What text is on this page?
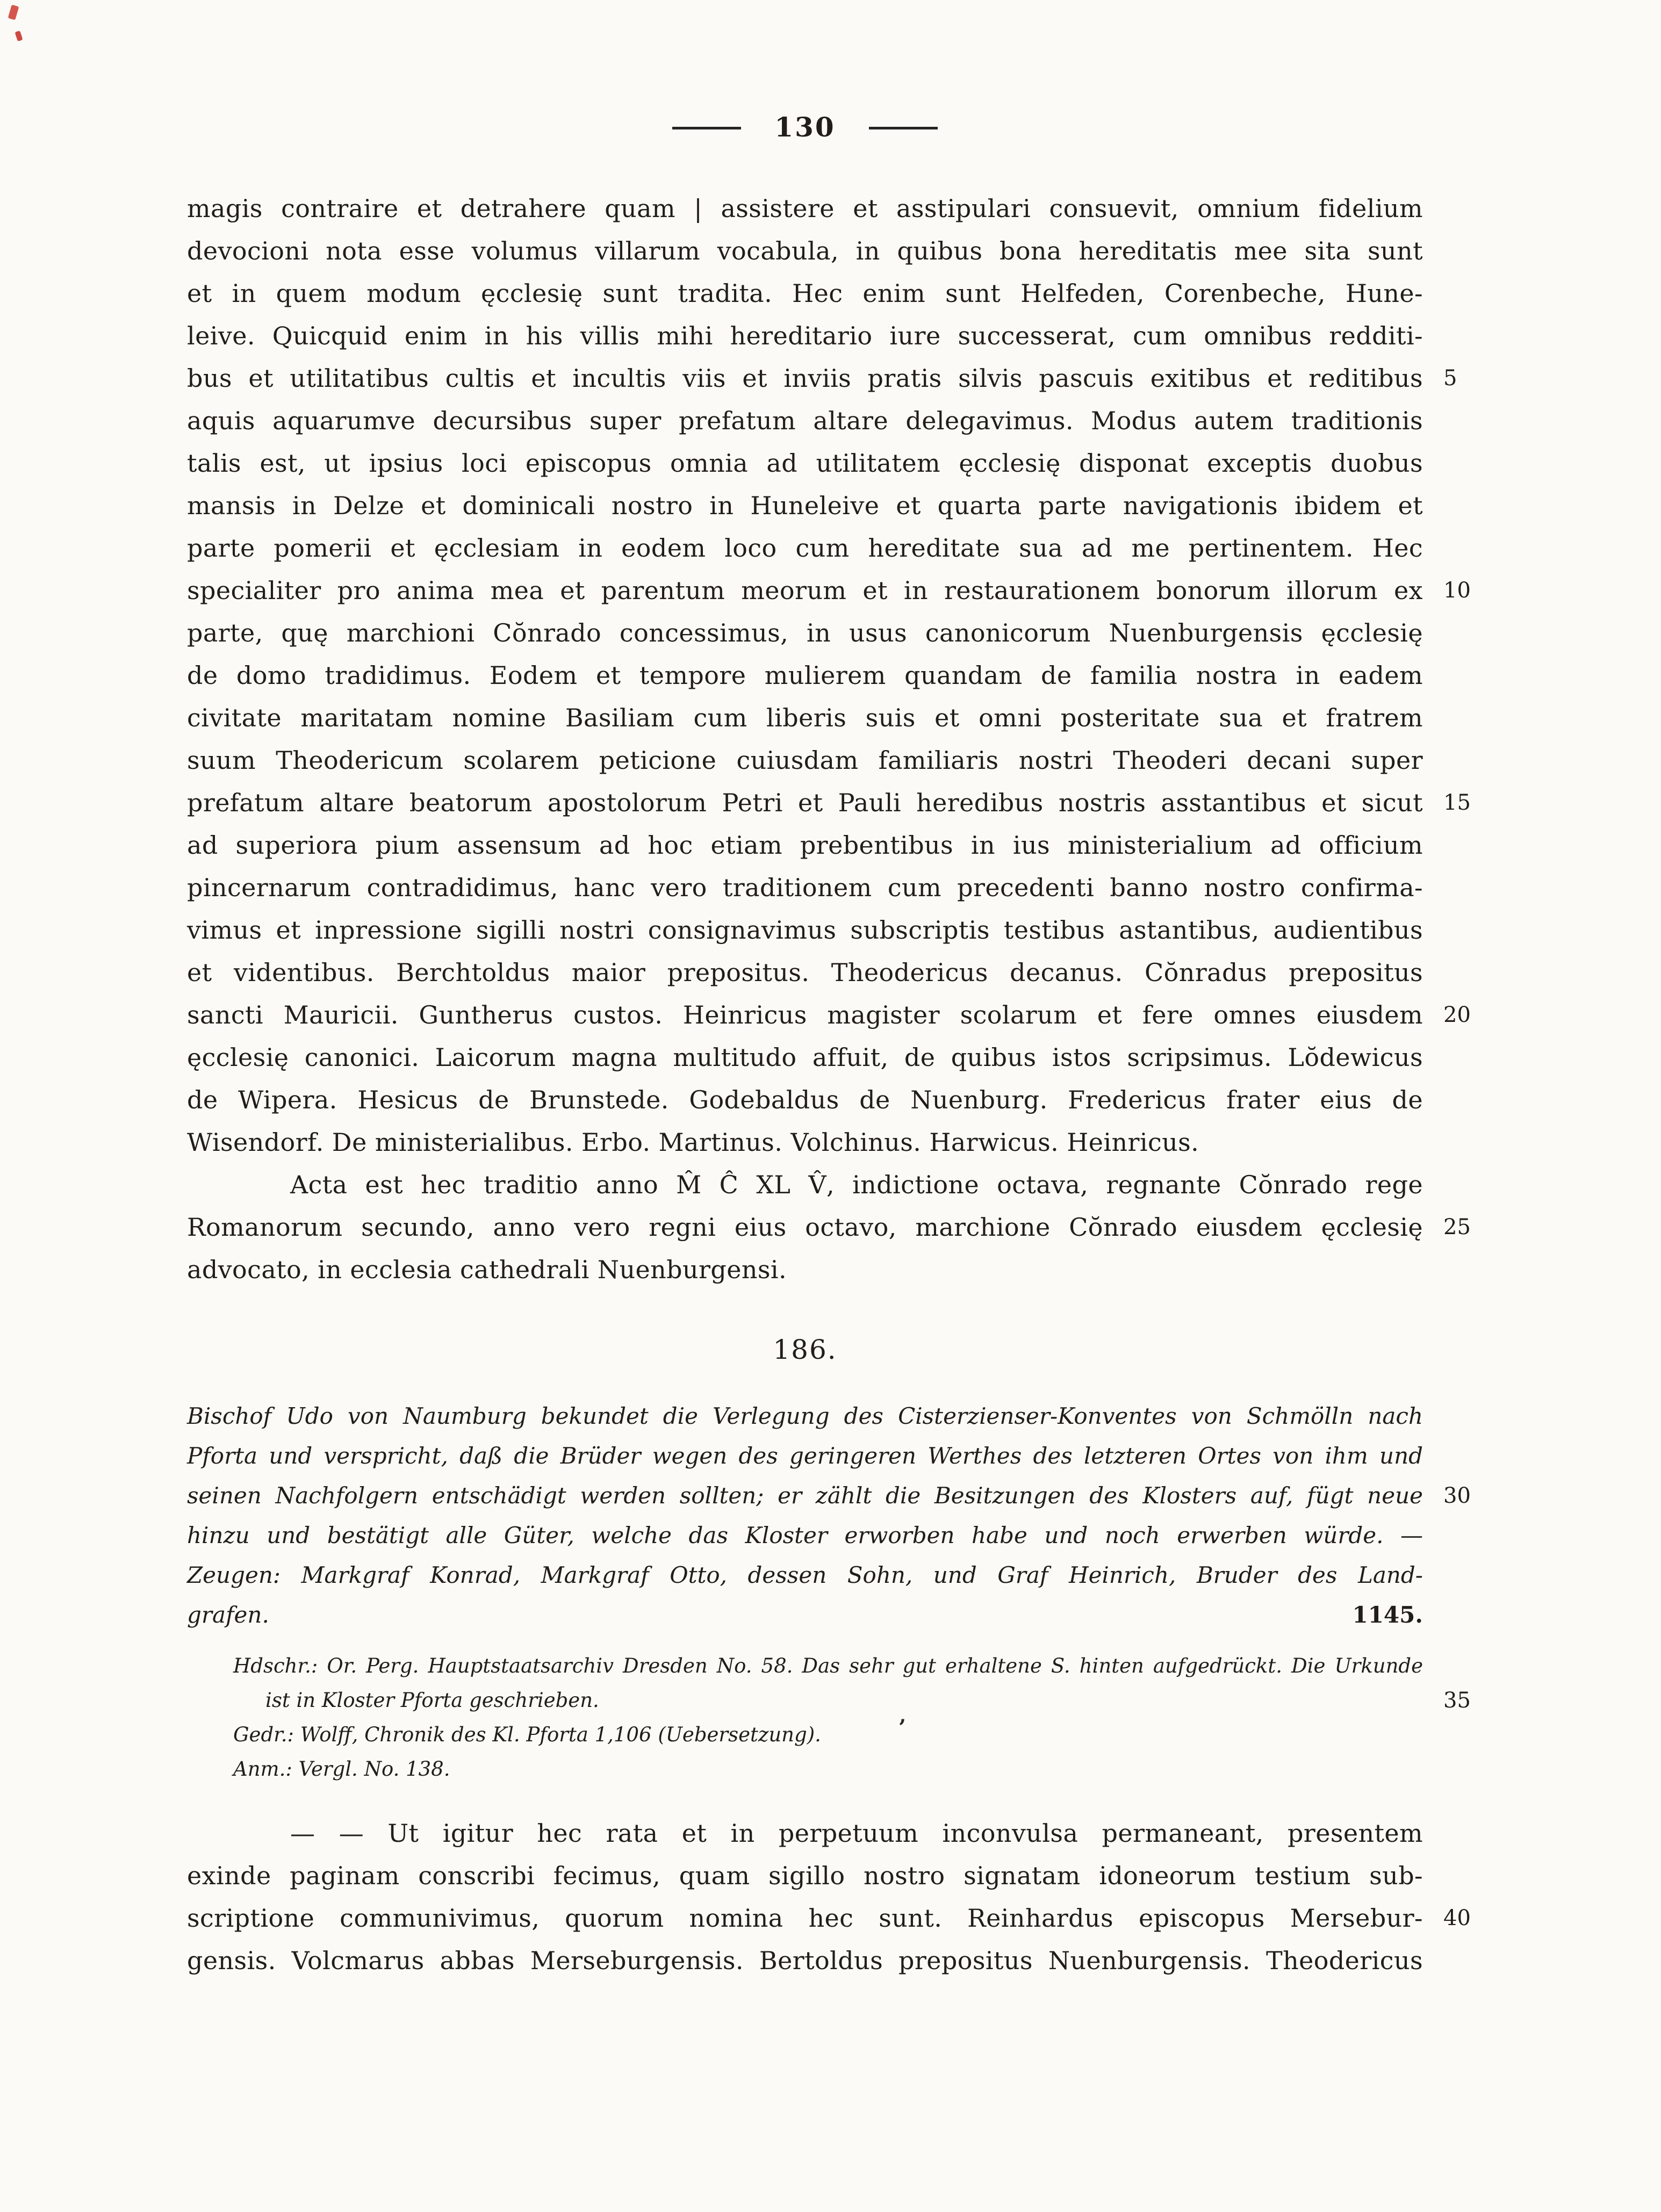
130
magis contraire et detrahere quam | assistere et asstipulari consuevit, omnium fidelium
devocioni nota esse volumus villarum vocabula, in quibus bona hereditatis mee sita sunt
et in quem modum ęcclesię sunt tradita. Hec enim sunt Helfeden, Corenbeche, Hune-
leive. Quicquid enim in his villis mihi hereditario iure successerat, cum omnibus redditi-
bus et utilitatibus cultis et incultis viis et inviis pratis silvis pascuis exitibus et reditibus 5
aquis aquarumve decursibus super prefatum altare delegavimus. Modus autem traditionis
talis est, ut ipsius loci episcopus omnia ad utilitatem ęcclesię disponat exceptis duobus
mansis in Delze et dominicali nostro in Huneleive et quarta parte navigationis ibidem et
parte pomerii et ęcclesiam in eodem loco cum hereditate sua ad me pertinentem. Hec
specialiter pro anima mea et parentum meorum et in restaurationem bonorum illorum ex 10
parte, quę marchioni Cŏnrado concessimus, in usus canonicorum Nuenburgensis ęcclesię
de domo tradidimus. Eodem et tempore mulierem quandam de familia nostra in eadem
civitate maritatam nomine Basiliam cum liberis suis et omni posteritate sua et fratrem
suum Theodericum scolarem peticione cuiusdam familiaris nostri Theoderi decani super
prefatum altare beatorum apostolorum Petri et Pauli heredibus nostris asstantibus et sicut 15
ad superiora pium assensum ad hoc etiam prebentibus in ius ministerialium ad officium
pincernarum contradidimus, hanc vero traditionem cum precedenti banno nostro confirma-
vimus et inpressione sigilli nostri consignavimus subscriptis testibus astantibus, audientibus
et videntibus. Berchtoldus maior prepositus. Theodericus decanus. Cŏnradus prepositus
sancti Mauricii. Guntherus custos. Heinricus magister scolarum et fere omnes eiusdem 20
ęcclesię canonici. Laicorum magna multitudo affuit, de quibus istos scripsimus. Lŏdewicus
de Wipera. Hesicus de Brunstede. Godebaldus de Nuenburg. Fredericus frater eius de
Wisendorf. De ministerialibus. Erbo. Martinus. Volchinus. Harwicus. Heinricus.
Acta est hec traditio anno M̂ Ĉ XL V̂, indictione octava, regnante Cŏnrado rege
Romanorum secundo, anno vero regni eius octavo, marchione Cŏnrado eiusdem ęcclesię 25
advocato, in ecclesia cathedrali Nuenburgensi.
186.
Bischof Udo von Naumburg bekundet die Verlegung des Cisterzienser-Konventes von Schmölln nach
Pforta und verspricht, daß die Brüder wegen des geringeren Werthes des letzteren Ortes von ihm und
seinen Nachfolgern entschädigt werden sollten; er zählt die Besitzungen des Klosters auf, fügt neue 30
hinzu und bestätigt alle Güter, welche das Kloster erworben habe und noch erwerben würde. —
Zeugen: Markgraf Konrad, Markgraf Otto, dessen Sohn, und Graf Heinrich, Bruder des Land-
grafen.	1145.
Hdschr.: Or. Perg. Hauptstaatsarchiv Dresden No. 58. Das sehr gut erhaltene S. hinten aufgedrückt. Die Urkunde
ist in Kloster Pforta geschrieben.	35
Gedr.: Wolff, Chronik des Kl. Pforta 1,106 (Uebersetzung).
Anm.: Vergl. No. 138.
— — Ut igitur hec rata et in perpetuum inconvulsa permaneant, presentem
exinde paginam conscribi fecimus, quam sigillo nostro signatam idoneorum testium sub-
scriptione communivimus, quorum nomina hec sunt. Reinhardus episcopus Mersebur- 40
gensis. Volcmarus abbas Merseburgensis. Bertoldus prepositus Nuenburgensis. Theodericus
’
